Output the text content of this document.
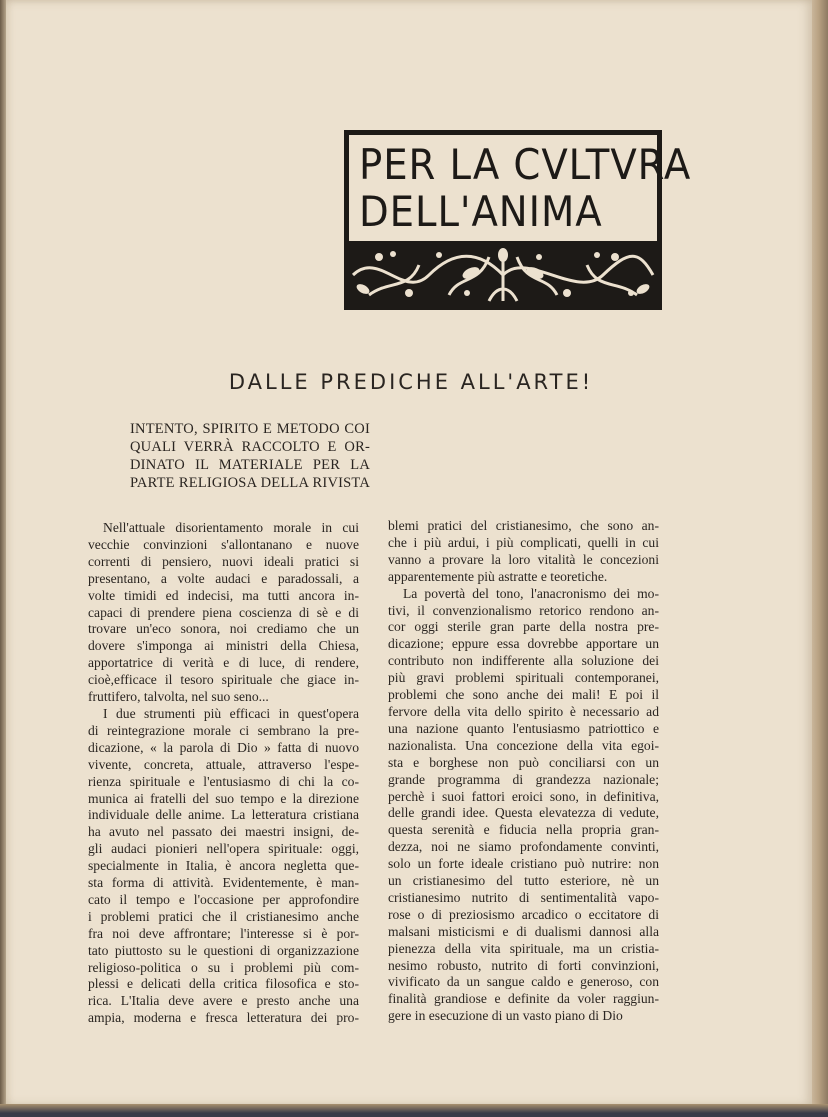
PER LA CVLTVRA
DELL'ANIMA
DALLE PREDICHE ALL'ARTE!
INTENTO, SPIRITO E METODO COI
QUALI VERRÀ RACCOLTO E OR-
DINATO IL MATERIALE PER LA
PARTE RELIGIOSA DELLA RIVISTA
Nell'attuale disorientamento morale in cui
vecchie convinzioni s'allontanano e nuove
correnti di pensiero, nuovi ideali pratici si
presentano, a volte audaci e paradossali, a
volte timidi ed indecisi, ma tutti ancora in-
capaci di prendere piena coscienza di sè e di
trovare un'eco sonora, noi crediamo che un
dovere s'imponga ai ministri della Chiesa,
apportatrice di verità e di luce, di rendere,
cioè,efficace il tesoro spirituale che giace in-
fruttifero, talvolta, nel suo seno...
I due strumenti più efficaci in quest'opera
di reintegrazione morale ci sembrano la pre-
dicazione, « la parola di Dio » fatta di nuovo
vivente, concreta, attuale, attraverso l'espe-
rienza spirituale e l'entusiasmo di chi la co-
munica ai fratelli del suo tempo e la direzione
individuale delle anime. La letteratura cristiana
ha avuto nel passato dei maestri insigni, de-
gli audaci pionieri nell'opera spirituale: oggi,
specialmente in Italia, è ancora negletta que-
sta forma di attività. Evidentemente, è man-
cato il tempo e l'occasione per approfondire
i problemi pratici che il cristianesimo anche
fra noi deve affrontare; l'interesse si è por-
tato piuttosto su le questioni di organizzazione
religioso-politica o su i problemi più com-
plessi e delicati della critica filosofica e sto-
rica. L'Italia deve avere e presto anche una
ampia, moderna e fresca letteratura dei pro-
blemi pratici del cristianesimo, che sono an-
che i più ardui, i più complicati, quelli in cui
vanno a provare la loro vitalità le concezioni
apparentemente più astratte e teoretiche.
La povertà del tono, l'anacronismo dei mo-
tivi, il convenzionalismo retorico rendono an-
cor oggi sterile gran parte della nostra pre-
dicazione; eppure essa dovrebbe apportare un
contributo non indifferente alla soluzione dei
più gravi problemi spirituali contemporanei,
problemi che sono anche dei mali! E poi il
fervore della vita dello spirito è necessario ad
una nazione quanto l'entusiasmo patriottico e
nazionalista. Una concezione della vita egoi-
sta e borghese non può conciliarsi con un
grande programma di grandezza nazionale;
perchè i suoi fattori eroici sono, in definitiva,
delle grandi idee. Questa elevatezza di vedute,
questa serenità e fiducia nella propria gran-
dezza, noi ne siamo profondamente convinti,
solo un forte ideale cristiano può nutrire: non
un cristianesimo del tutto esteriore, nè un
cristianesimo nutrito di sentimentalità vapo-
rose o di preziosismo arcadico o eccitatore di
malsani misticismi e di dualismi dannosi alla
pienezza della vita spirituale, ma un cristia-
nesimo robusto, nutrito di forti convinzioni,
vivificato da un sangue caldo e generoso, con
finalità grandiose e definite da voler raggiun-
gere in esecuzione di un vasto piano di Dio
